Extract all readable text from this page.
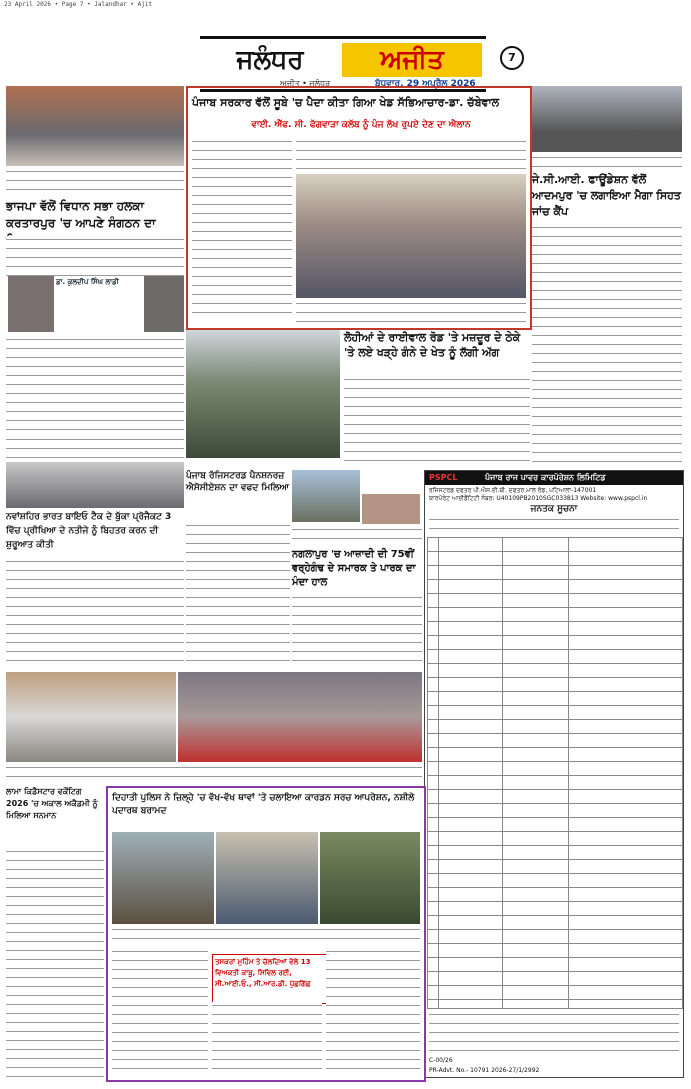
23 April 2026 • Page 7 • Jalandhar • Ajit
ਜਲੰਧਰ	ਅਜੀਤ
ਅਜੀਤ • ਜਲੰਧਰ	ਬੁੱਧਵਾਰ, 29 ਅਪ੍ਰੈਲ 2026
7
ਭਾਜਪਾ ਵੱਲੋਂ ਵਿਧਾਨ ਸਭਾ ਹਲਕਾ ਕਰਤਾਰਪੁਰ 'ਚ ਆਪਣੇ ਸੰਗਠਨ ਦਾ
ਡਾ. ਕੁਲਦੀਪ ਸਿੰਘ ਲਾਡੀ
ਪੰਜਾਬ ਸਰਕਾਰ ਵੱਲੋਂ ਸੂਬੇ 'ਚ ਪੈਦਾ ਕੀਤਾ ਗਿਆ ਖੇਡ ਸੱਭਿਆਚਾਰ-ਡਾ. ਚੱਬੇਵਾਲ
ਵਾਈ. ਐੱਫ. ਸੀ. ਫੱਗਵਾੜਾ ਕਲੱਬ ਨੂੰ ਪੰਜ ਲੱਖ ਰੁਪਏ ਦੇਣ ਦਾ ਐਲਾਨ
ਜੇ.ਸੀ.ਆਈ. ਫਾਊਂਡੇਸ਼ਨ ਵੱਲੋਂ ਆਦਮਪੁਰ 'ਚ ਲਗਾਇਆ ਮੈਗਾ ਸਿਹਤ ਜਾਂਚ ਕੈਂਪ
ਲੋਹੀਆਂ ਦੇ ਰਾਈਵਾਲ ਰੋਡ 'ਤੇ ਮਜ਼ਦੂਰ ਦੇ ਠੇਕੇ 'ਤੇ ਲਏ ਖੜ੍ਹੇ ਗੰਨੇ ਦੇ ਖੇਤ ਨੂੰ ਲੱਗੀ ਅੱਗ
ਨਵਾਂਸ਼ਹਿਰ ਭਾਰਤ ਬਾਇਓ ਟੈਕ ਦੇ ਬੁੱਕਾ ਪ੍ਰੋਜੈਕਟ 3 ਵਿੱਚ ਪ੍ਰੀਖਿਆ ਦੇ ਨਤੀਜੇ ਨੂੰ ਬਿਹਤਰ ਕਰਨ ਦੀ ਸ਼ੁਰੂਆਤ ਕੀਤੀ
ਪੰਜਾਬ ਰੱਜਿਸਟਰਡ ਪੈਨਸ਼ਨਰਜ਼ ਐਸੋਸੀਏਸ਼ਨ ਦਾ ਵਫਦ ਮਿਲਿਆ
ਨਗਲਾਪੁਰ 'ਚ ਆਜ਼ਾਦੀ ਦੀ 75ਵੀਂ ਵਰ੍ਹੇਗੰਢ ਦੇ ਸਮਾਰਕ ਤੇ ਪਾਰਕ ਦਾ ਮੰਦਾ ਹਾਲ
PSPCL	ਪੰਜਾਬ ਰਾਜ ਪਾਵਰ ਕਾਰਪੋਰੇਸ਼ਨ ਲਿਮਿਟਿਡ
ਰਜਿਸਟਰਡ ਦਫਤਰ ਪੀ.ਐਸ.ਈ.ਬੀ. ਦਫਤਰ ਮਾਲ ਰੋਡ, ਪਟਿਆਲਾ-147001
ਕਾਰਪੋਰੇਟ ਆਈਡੈਂਟਿਟੀ ਨੰਬਰ: U40109PB2010SGC033813 Website: www.pspcl.in
ਜਨਤਕ ਸੂਚਨਾ
C-00/26
PR-Advt. No.- 10791 2026-27/1/2992
ਲਾਮਾ ਕਿਡੈਸਟਾਰ ਵਕੌਂਟਿਗ 2026 'ਚ ਅਕਾਲ ਅਕੈਡਮੀ ਨੂੰ ਮਿਲਿਆ ਸਨਮਾਨ
ਦਿਹਾਤੀ ਪੁਲਿਸ ਨੇ ਜ਼ਿਲ੍ਹੇ 'ਚ ਵੱਖ-ਵੱਖ ਥਾਵਾਂ 'ਤੇ ਚਲਾਇਆ ਕਾਰਡਨ ਸਰਚ ਆਪਰੇਸ਼ਨ, ਨਸ਼ੀਲੇ ਪਦਾਰਥ ਬਰਾਮਦ
ਤਸਕਰਾਂ ਮੁਹਿੰਮ ਤੇ ਚੱਲਦਿਆਂ ਵੇਲੇ 13 ਵਿਅਕਤੀ ਕਾਬੂ, ਸਿਵਿਲ ਰਈ, ਸੀ.ਆਈ.ਓ., ਸੀ.ਆਰ.ਡੀ. ਪੁੱਛਗਿੱਛ
